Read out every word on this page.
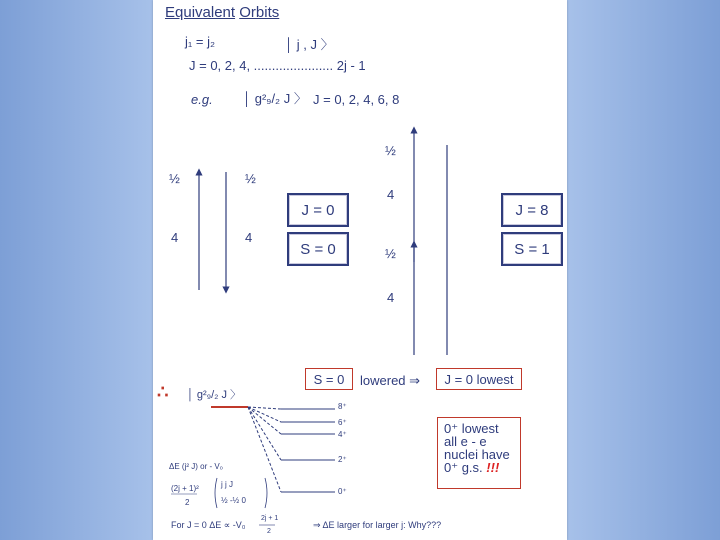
Equivalent Orbits
j₁ = j₂	│ j , J 〉
J = 0, 2, 4, ...................... 2j - 1
e.g. │ g²₉/₂ J 〉 J = 0, 2, 4, 6, 8
½	½
4	4
½
4
½
4
J = 0
S = 0
J = 8
S = 1
S = 0	lowered ⇒	J = 0 lowest
∴ │ g²₉/₂ J 〉
8⁺
6⁺
4⁺
2⁺
0⁺
0⁺ lowest
all e - e
nuclei have
0⁺ g.s. !!!
ΔE (j² J) or - V₀
(2j + 1)²
2
j j J
½ -½ 0
For J = 0 ΔE ∝ -V₀
2j + 1
2
⇒ ΔE larger for larger j: Why???
